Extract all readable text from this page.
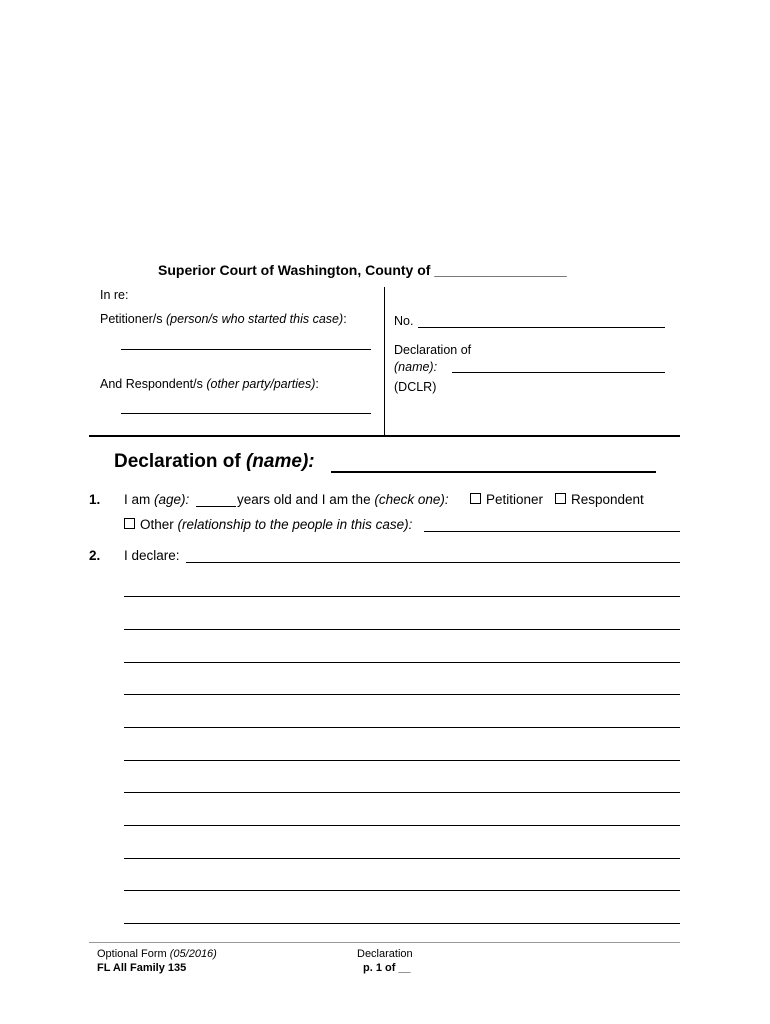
Superior Court of Washington, County of _________________
In re:
Petitioner/s (person/s who started this case):
And Respondent/s (other party/parties):
No.
Declaration of
(name):
(DCLR)
Declaration of (name):
1. I am (age):	years old and I am the (check one):	Petitioner	Respondent
Other (relationship to the people in this case):
2. I declare:
Optional Form (05/2016)
FL All Family 135
Declaration
p. 1 of __
